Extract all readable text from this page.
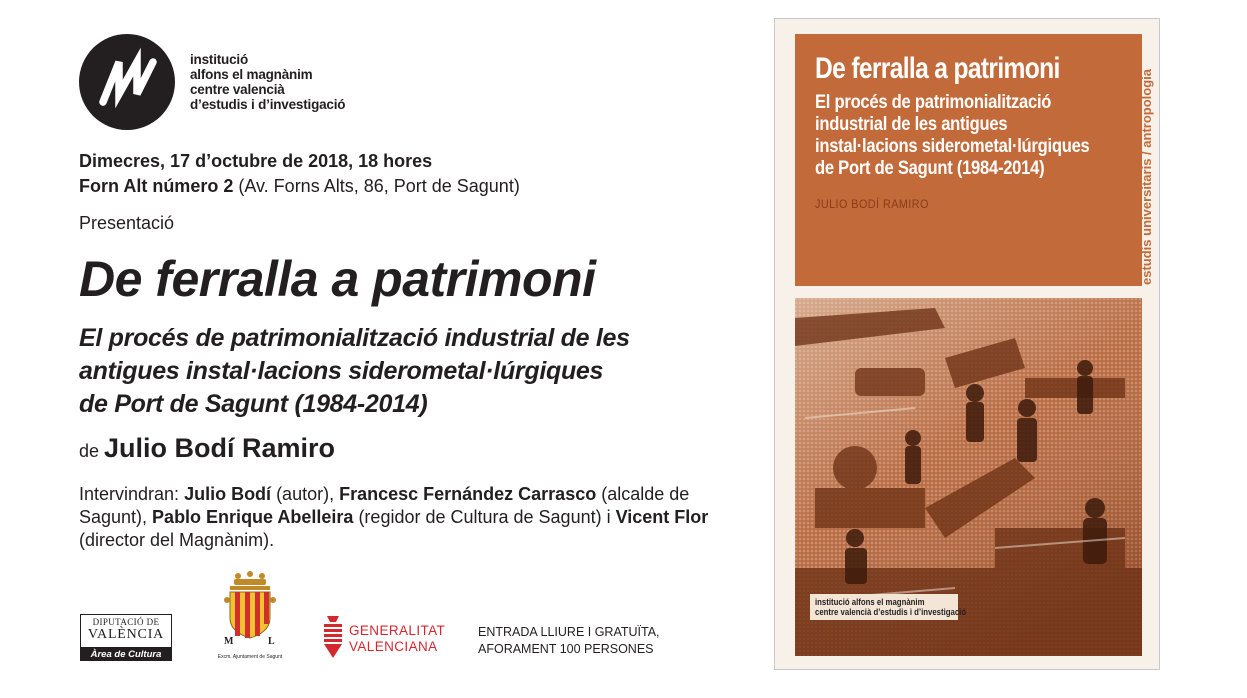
institució
alfons el magnànim
centre valencià
d’estudis i d’investigació
Dimecres, 17 d’octubre de 2018, 18 hores
Forn Alt número 2 (Av. Forns Alts, 86, Port de Sagunt)
Presentació
De ferralla a patrimoni
El procés de patrimonialització industrial de les
antigues instal·lacions siderometal·lúrgiques
de Port de Sagunt (1984-2014)
de Julio Bodí Ramiro
Intervindran: Julio Bodí (autor), Francesc Fernández Carrasco (alcalde de Sagunt), Pablo Enrique Abelleira (regidor de Cultura de Sagunt) i Vicent Flor (director del Magnànim).
DIPUTACIÓ DE
VALÈNCIA
Àrea de Cultura
M	L
Excm. Ajuntament de Sagunt
GENERALITAT
VALENCIANA
ENTRADA LLIURE I GRATUÏTA,
AFORAMENT 100 PERSONES
De ferralla a patrimoni
El procés de patrimonialització
industrial de les antigues
instal·lacions siderometal·lúrgiques
de Port de Sagunt (1984-2014)
JULIO BODÍ RAMIRO	estudis universitaris / antropologia
institució alfons el magnànim
centre valencià d’estudis i d’investigació
